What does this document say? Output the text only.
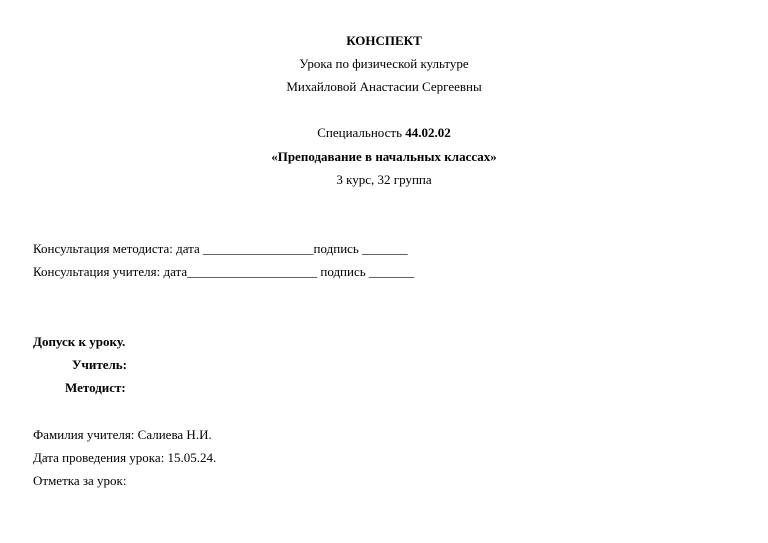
КОНСПЕКТ
Урока по физической культуре
Михайловой Анастасии Сергеевны
Специальность 44.02.02
«Преподавание в начальных классах»
3 курс, 32 группа
Консультация методиста: дата _________________подпись _______
Консультация учителя: дата____________________ подпись _______
Допуск к уроку.
Учитель:
Методист:
Фамилия учителя: Салиева Н.И.
Дата проведения урока: 15.05.24.
Отметка за урок:
